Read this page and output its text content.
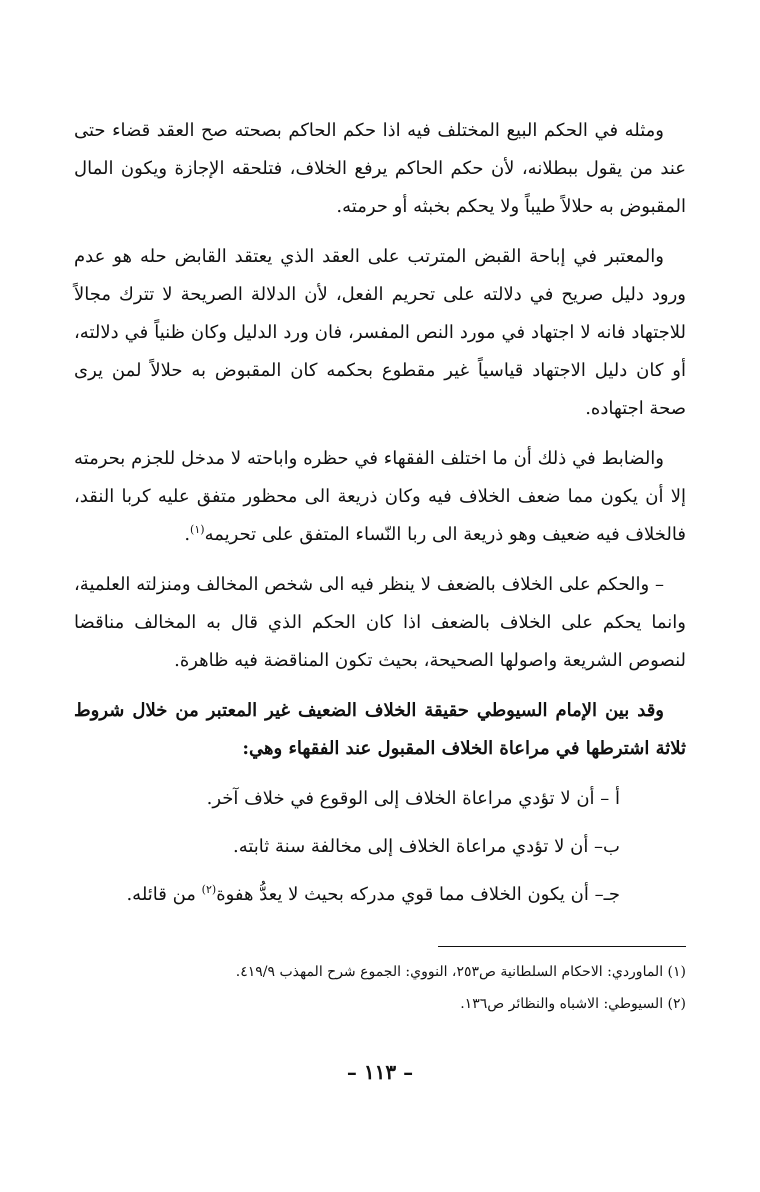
ومثله في الحكم البيع المختلف فيه اذا حكم الحاكم بصحته صح العقد قضاء حتى عند من يقول ببطلانه، لأن حكم الحاكم يرفع الخلاف، فتلحقه الإجازة ويكون المال المقبوض به حلالاً طيباً ولا يحكم بخبثه أو حرمته.

والمعتبر في إباحة القبض المترتب على العقد الذي يعتقد القابض حله هو عدم ورود دليل صريح في دلالته على تحريم الفعل، لأن الدلالة الصريحة لا تترك مجالاً للاجتهاد فانه لا اجتهاد في مورد النص المفسر، فان ورد الدليل وكان ظنياً في دلالته، أو كان دليل الاجتهاد قياسياً غير مقطوع بحكمه كان المقبوض به حلالاً لمن يرى صحة اجتهاده.

والضابط في ذلك أن ما اختلف الفقهاء في حظره واباحته لا مدخل للجزم بحرمته إلا أن يكون مما ضعف الخلاف فيه وكان ذريعة الى محظور متفق عليه كربا النقد، فالخلاف فيه ضعيف وهو ذريعة الى ربا النّساء المتفق على تحريمه$^{(١)}$.

– والحكم على الخلاف بالضعف لا ينظر فيه الى شخص المخالف ومنزلته العلمية، وانما يحكم على الخلاف بالضعف اذا كان الحكم الذي قال به المخالف مناقضا لنصوص الشريعة واصولها الصحيحة، بحيث تكون المناقضة فيه ظاهرة.

وقد بين الإمام السيوطي حقيقة الخلاف الضعيف غير المعتبر من خلال شروط ثلاثة اشترطها في مراعاة الخلاف المقبول عند الفقهاء وهي:

أ – أن لا تؤدي مراعاة الخلاف إلى الوقوع في خلاف آخر.
ب– أن لا تؤدي مراعاة الخلاف إلى مخالفة سنة ثابته.
جـ– أن يكون الخلاف مما قوي مدركه بحيث لا يعدُّ هفوة$^{(٢)}$ من قائله.
(١) الماوردي: الاحكام السلطانية ص٢٥٣، النووي: الجموع شرح المهذب ٤١٩/٩.
(٢) السيوطي: الاشباه والنظائر ص١٣٦.
– ١١٣ –
